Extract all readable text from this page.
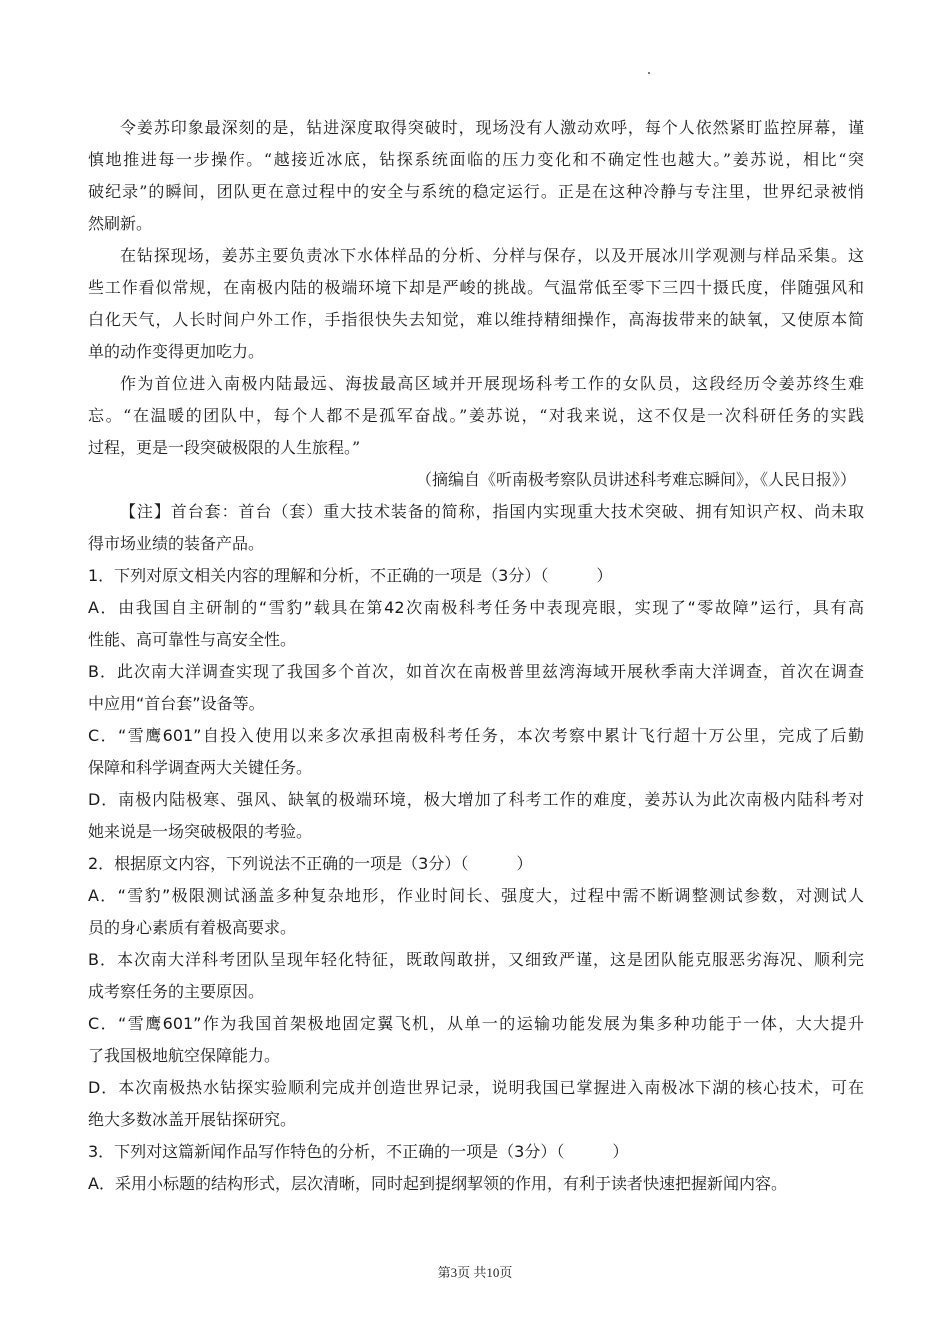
令姜苏印象最深刻的是，钻进深度取得突破时，现场没有人激动欢呼，每个人依然紧盯监控屏幕，谨
慎地推进每一步操作。“越接近冰底，钻探系统面临的压力变化和不确定性也越大。”姜苏说，相比“突
破纪录”的瞬间，团队更在意过程中的安全与系统的稳定运行。正是在这种冷静与专注里，世界纪录被悄
然刷新。
在钻探现场，姜苏主要负责冰下水体样品的分析、分样与保存，以及开展冰川学观测与样品采集。这
些工作看似常规，在南极内陆的极端环境下却是严峻的挑战。气温常低至零下三四十摄氏度，伴随强风和
白化天气，人长时间户外工作，手指很快失去知觉，难以维持精细操作，高海拔带来的缺氧，又使原本简
单的动作变得更加吃力。
作为首位进入南极内陆最远、海拔最高区域并开展现场科考工作的女队员，这段经历令姜苏终生难
忘。“在温暖的团队中，每个人都不是孤军奋战。”姜苏说，“对我来说，这不仅是一次科研任务的实践
过程，更是一段突破极限的人生旅程。”
（摘编自《听南极考察队员讲述科考难忘瞬间》，《人民日报》）
【注】首台套：首台（套）重大技术装备的简称，指国内实现重大技术突破、拥有知识产权、尚未取
得市场业绩的装备产品。
1．下列对原文相关内容的理解和分析，不正确的一项是（3分）（　　　）
A．由我国自主研制的“雪豹”载具在第42次南极科考任务中表现亮眼，实现了“零故障”运行，具有高
性能、高可靠性与高安全性。
B．此次南大洋调查实现了我国多个首次，如首次在南极普里兹湾海域开展秋季南大洋调查，首次在调查
中应用“首台套”设备等。
C．“雪鹰601”自投入使用以来多次承担南极科考任务，本次考察中累计飞行超十万公里，完成了后勤
保障和科学调查两大关键任务。
D．南极内陆极寒、强风、缺氧的极端环境，极大增加了科考工作的难度，姜苏认为此次南极内陆科考对
她来说是一场突破极限的考验。
2．根据原文内容，下列说法不正确的一项是（3分）（　　　）
A．“雪豹”极限测试涵盖多种复杂地形，作业时间长、强度大，过程中需不断调整测试参数，对测试人
员的身心素质有着极高要求。
B．本次南大洋科考团队呈现年轻化特征，既敢闯敢拼，又细致严谨，这是团队能克服恶劣海况、顺利完
成考察任务的主要原因。
C．“雪鹰601”作为我国首架极地固定翼飞机，从单一的运输功能发展为集多种功能于一体，大大提升
了我国极地航空保障能力。
D．本次南极热水钻探实验顺利完成并创造世界记录，说明我国已掌握进入南极冰下湖的核心技术，可在
绝大多数冰盖开展钻探研究。
3．下列对这篇新闻作品写作特色的分析，不正确的一项是（3分）（　　　）
A．采用小标题的结构形式，层次清晰，同时起到提纲挈领的作用，有利于读者快速把握新闻内容。
第3页 共10页
